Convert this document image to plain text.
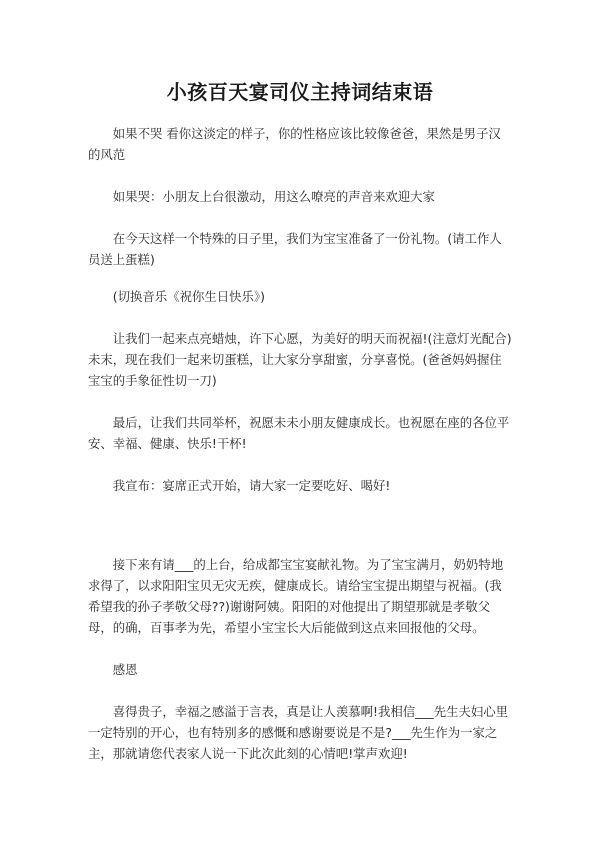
小孩百天宴司仪主持词结束语

如果不哭 看你这淡定的样子，你的性格应该比较像爸爸，果然是男子汉的风范

如果哭：小朋友上台很激动，用这么嘹亮的声音来欢迎大家

在今天这样一个特殊的日子里，我们为宝宝准备了一份礼物。(请工作人员送上蛋糕)

(切换音乐《祝你生日快乐》)

让我们一起来点亮蜡烛，许下心愿，为美好的明天而祝福!(注意灯光配合)未末，现在我们一起来切蛋糕，让大家分享甜蜜，分享喜悦。(爸爸妈妈握住宝宝的手象征性切一刀)

最后，让我们共同举杯，祝愿未未小朋友健康成长。也祝愿在座的各位平安、幸福、健康、快乐!干杯!

我宣布：宴席正式开始，请大家一定要吃好、喝好!

接下来有请___的上台，给成都宝宝宴献礼物。为了宝宝满月，奶奶特地求得了，以求阳阳宝贝无灾无疾，健康成长。请给宝宝提出期望与祝福。(我希望我的孙子孝敬父母??)谢谢阿姨。阳阳的对他提出了期望那就是孝敬父母，的确，百事孝为先，希望小宝宝长大后能做到这点来回报他的父母。

感恩

喜得贵子，幸福之感溢于言表，真是让人羡慕啊!我相信___先生夫妇心里一定特别的开心，也有特别多的感慨和感谢要说是不是?___先生作为一家之主，那就请您代表家人说一下此次此刻的心情吧!掌声欢迎!
